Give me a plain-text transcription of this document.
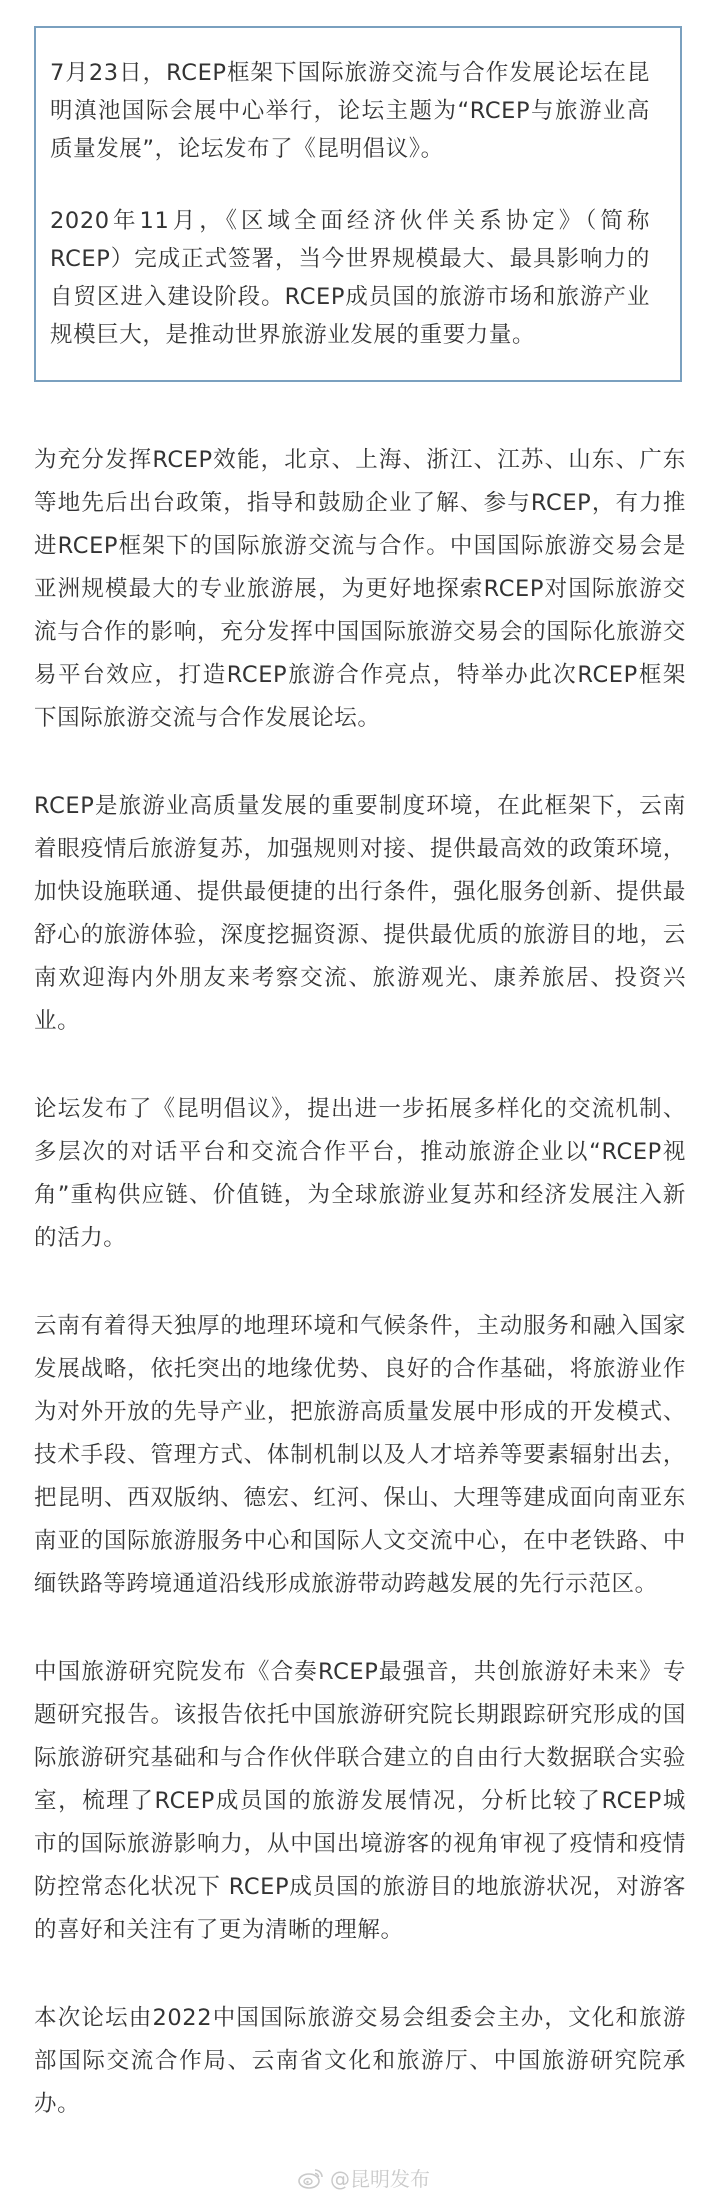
7月23日，RCEP框架下国际旅游交流与合作发展论坛在昆明滇池国际会展中心举行，论坛主题为“RCEP与旅游业高质量发展”，论坛发布了《昆明倡议》。

2020年11月，《区域全面经济伙伴关系协定》（简称RCEP）完成正式签署，当今世界规模最大、最具影响力的自贸区进入建设阶段。RCEP成员国的旅游市场和旅游产业规模巨大，是推动世界旅游业发展的重要力量。

为充分发挥RCEP效能，北京、上海、浙江、江苏、山东、广东等地先后出台政策，指导和鼓励企业了解、参与RCEP，有力推进RCEP框架下的国际旅游交流与合作。中国国际旅游交易会是亚洲规模最大的专业旅游展，为更好地探索RCEP对国际旅游交流与合作的影响，充分发挥中国国际旅游交易会的国际化旅游交易平台效应，打造RCEP旅游合作亮点，特举办此次RCEP框架下国际旅游交流与合作发展论坛。

RCEP是旅游业高质量发展的重要制度环境，在此框架下，云南着眼疫情后旅游复苏，加强规则对接、提供最高效的政策环境，加快设施联通、提供最便捷的出行条件，强化服务创新、提供最舒心的旅游体验，深度挖掘资源、提供最优质的旅游目的地，云南欢迎海内外朋友来考察交流、旅游观光、康养旅居、投资兴业。

论坛发布了《昆明倡议》，提出进一步拓展多样化的交流机制、多层次的对话平台和交流合作平台，推动旅游企业以“RCEP视角”重构供应链、价值链，为全球旅游业复苏和经济发展注入新的活力。

云南有着得天独厚的地理环境和气候条件，主动服务和融入国家发展战略，依托突出的地缘优势、良好的合作基础，将旅游业作为对外开放的先导产业，把旅游高质量发展中形成的开发模式、技术手段、管理方式、体制机制以及人才培养等要素辐射出去，把昆明、西双版纳、德宏、红河、保山、大理等建成面向南亚东南亚的国际旅游服务中心和国际人文交流中心，在中老铁路、中缅铁路等跨境通道沿线形成旅游带动跨越发展的先行示范区。

中国旅游研究院发布《合奏RCEP最强音，共创旅游好未来》专题研究报告。该报告依托中国旅游研究院长期跟踪研究形成的国际旅游研究基础和与合作伙伴联合建立的自由行大数据联合实验室，梳理了RCEP成员国的旅游发展情况，分析比较了RCEP城市的国际旅游影响力，从中国出境游客的视角审视了疫情和疫情防控常态化状况下 RCEP成员国的旅游目的地旅游状况，对游客的喜好和关注有了更为清晰的理解。

本次论坛由2022中国国际旅游交易会组委会主办，文化和旅游部国际交流合作局、云南省文化和旅游厅、中国旅游研究院承办。

@昆明发布
